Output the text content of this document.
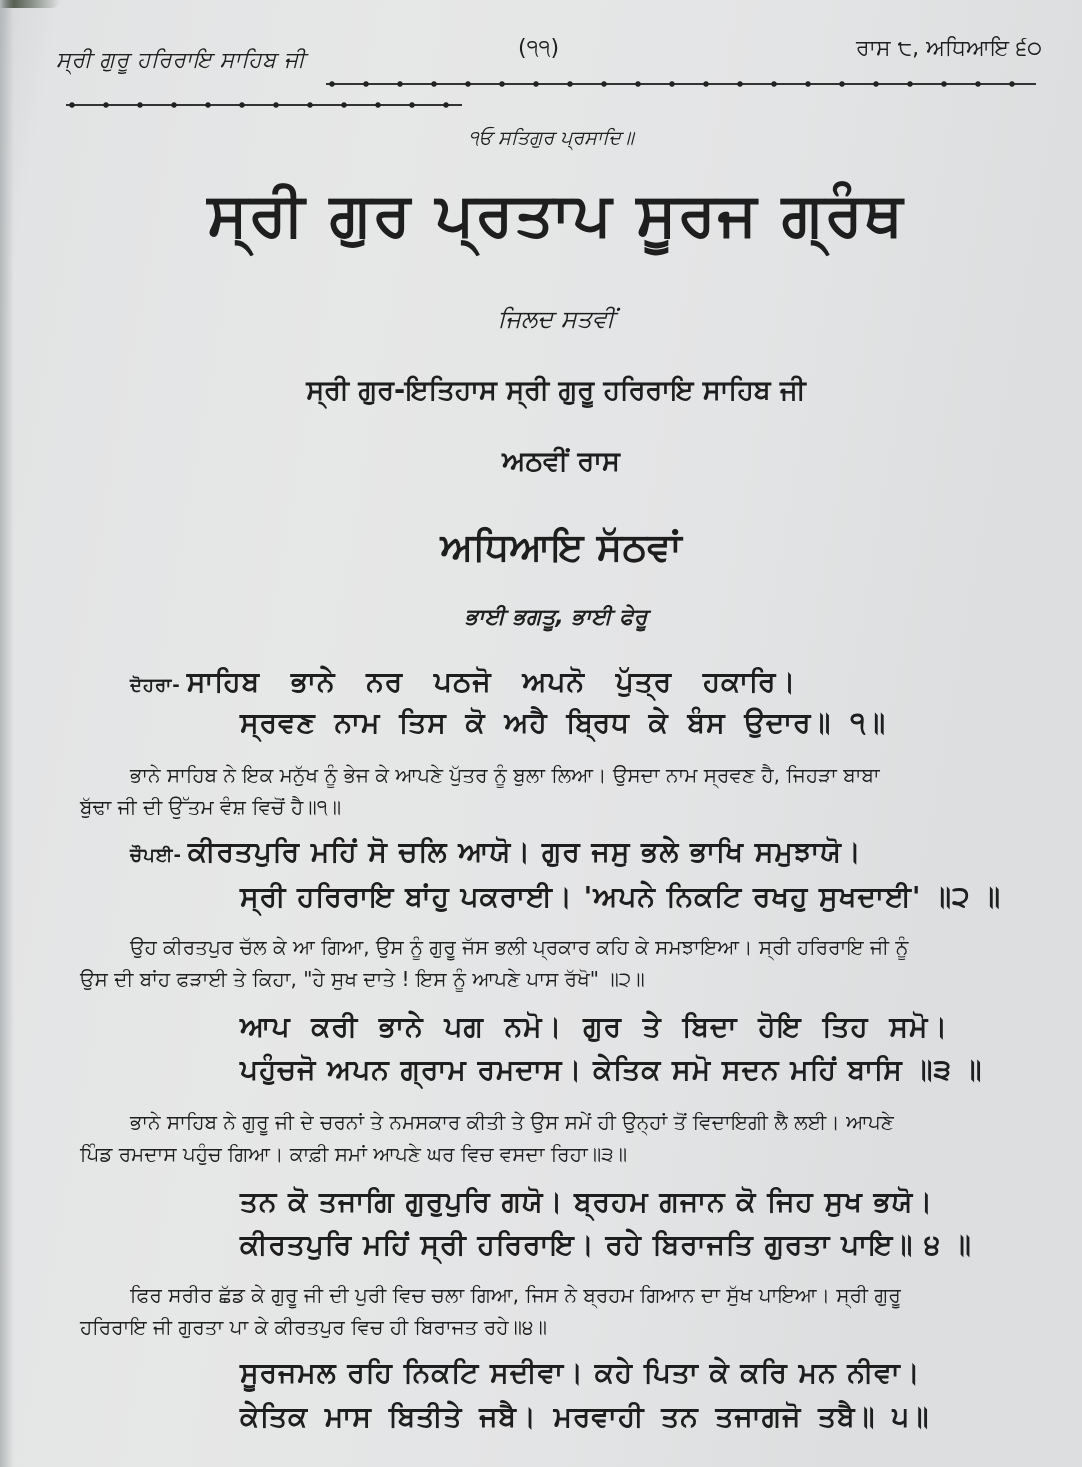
ਸ੍ਰੀ ਗੁਰੂ ਹਰਿਰਾਇ ਸਾਹਿਬ ਜੀ	(੧੧)	ਰਾਸ ੮, ਅਧਿਆਇ ੬੦
੧ਓ ਸਤਿਗੁਰ ਪ੍ਰਸਾਦਿ॥
ਸ੍ਰੀ ਗੁਰ ਪ੍ਰਤਾਪ ਸੂਰਜ ਗ੍ਰੰਥ
ਜਿਲਦ ਸਤਵੀਂ
ਸ੍ਰੀ ਗੁਰ-ਇਤਿਹਾਸ ਸ੍ਰੀ ਗੁਰੂ ਹਰਿਰਾਇ ਸਾਹਿਬ ਜੀ
ਅਠਵੀਂ ਰਾਸ
ਅਧਿਆਇ ਸੱਠਵਾਂ
ਭਾਈ ਭਗਤੂ, ਭਾਈ ਫੇਰੂ
ਦੋਹਰਾ- ਸਾਹਿਬ ਭਾਨੇ ਨਰ ਪਠਜੋ ਅਪਨੋ ਪੁੱਤ੍ਰ ਹਕਾਰਿ।
ਸ੍ਰਵਣ ਨਾਮ ਤਿਸ ਕੋ ਅਹੈ ਬ੍ਰਿਧ ਕੇ ਬੰਸ ਉਦਾਰ॥ ੧॥
ਭਾਨੇ ਸਾਹਿਬ ਨੇ ਇਕ ਮਨੁੱਖ ਨੂੰ ਭੇਜ ਕੇ ਆਪਣੇ ਪੁੱਤਰ ਨੂੰ ਬੁਲਾ ਲਿਆ। ਉਸਦਾ ਨਾਮ ਸ੍ਰਵਣ ਹੈ, ਜਿਹੜਾ ਬਾਬਾ
ਬੁੱਢਾ ਜੀ ਦੀ ਉੱਤਮ ਵੰਸ਼ ਵਿਚੋਂ ਹੈ॥੧॥
ਚੌਪਈ- ਕੀਰਤਪੁਰਿ ਮਹਿਂ ਸੋ ਚਲਿ ਆਯੋ। ਗੁਰ ਜਸੁ ਭਲੇ ਭਾਖਿ ਸਮੁਝਾਯੋ।
ਸ੍ਰੀ ਹਰਿਰਾਇ ਬਾਂਹੁ ਪਕਰਾਈ। 'ਅਪਨੇ ਨਿਕਟਿ ਰਖਹੁ ਸੁਖਦਾਈ' ॥੨ ॥
ਉਹ ਕੀਰਤਪੁਰ ਚੱਲ ਕੇ ਆ ਗਿਆ, ਉਸ ਨੂੰ ਗੁਰੂ ਜੱਸ ਭਲੀ ਪ੍ਰਕਾਰ ਕਹਿ ਕੇ ਸਮਝਾਇਆ। ਸ੍ਰੀ ਹਰਿਰਾਇ ਜੀ ਨੂੰ
ਉਸ ਦੀ ਬਾਂਹ ਫੜਾਈ ਤੇ ਕਿਹਾ, "ਹੇ ਸੁਖ ਦਾਤੇ ! ਇਸ ਨੂੰ ਆਪਣੇ ਪਾਸ ਰੱਖੋ" ॥੨॥
ਆਪ ਕਰੀ ਭਾਨੇ ਪਗ ਨਮੋ। ਗੁਰ ਤੇ ਬਿਦਾ ਹੋਇ ਤਿਹ ਸਮੋ।
ਪਹੁੰਚਜੋ ਅਪਨ ਗ੍ਰਾਮ ਰਮਦਾਸ। ਕੇਤਿਕ ਸਮੋ ਸਦਨ ਮਹਿਂ ਬਾਸਿ ॥੩ ॥
ਭਾਨੇ ਸਾਹਿਬ ਨੇ ਗੁਰੂ ਜੀ ਦੇ ਚਰਨਾਂ ਤੇ ਨਮਸਕਾਰ ਕੀਤੀ ਤੇ ਉਸ ਸਮੇਂ ਹੀ ਉਨ੍ਹਾਂ ਤੋਂ ਵਿਦਾਇਗੀ ਲੈ ਲਈ। ਆਪਣੇ
ਪਿੰਡ ਰਮਦਾਸ ਪਹੁੰਚ ਗਿਆ। ਕਾਫ਼ੀ ਸਮਾਂ ਆਪਣੇ ਘਰ ਵਿਚ ਵਸਦਾ ਰਿਹਾ॥੩॥
ਤਨ ਕੋ ਤਜਾਗਿ ਗੁਰੁਪੁਰਿ ਗਯੋ। ਬ੍ਰਹਮ ਗਜਾਨ ਕੋ ਜਿਹ ਸੁਖ ਭਯੋ।
ਕੀਰਤਪੁਰਿ ਮਹਿਂ ਸ੍ਰੀ ਹਰਿਰਾਇ। ਰਹੇ ਬਿਰਾਜਤਿ ਗੁਰਤਾ ਪਾਇ॥ ੪ ॥
ਫਿਰ ਸਰੀਰ ਛੱਡ ਕੇ ਗੁਰੂ ਜੀ ਦੀ ਪੁਰੀ ਵਿਚ ਚਲਾ ਗਿਆ, ਜਿਸ ਨੇ ਬ੍ਰਹਮ ਗਿਆਨ ਦਾ ਸੁੱਖ ਪਾਇਆ। ਸ੍ਰੀ ਗੁਰੂ
ਹਰਿਰਾਇ ਜੀ ਗੁਰਤਾ ਪਾ ਕੇ ਕੀਰਤਪੁਰ ਵਿਚ ਹੀ ਬਿਰਾਜਤ ਰਹੇ॥੪॥
ਸੂਰਜਮਲ ਰਹਿ ਨਿਕਟਿ ਸਦੀਵਾ। ਕਹੇ ਪਿਤਾ ਕੇ ਕਰਿ ਮਨ ਨੀਵਾ।
ਕੇਤਿਕ ਮਾਸ ਬਿਤੀਤੇ ਜਬੈ। ਮਰਵਾਹੀ ਤਨ ਤਜਾਗਜੋ ਤਬੈ॥ ੫॥
